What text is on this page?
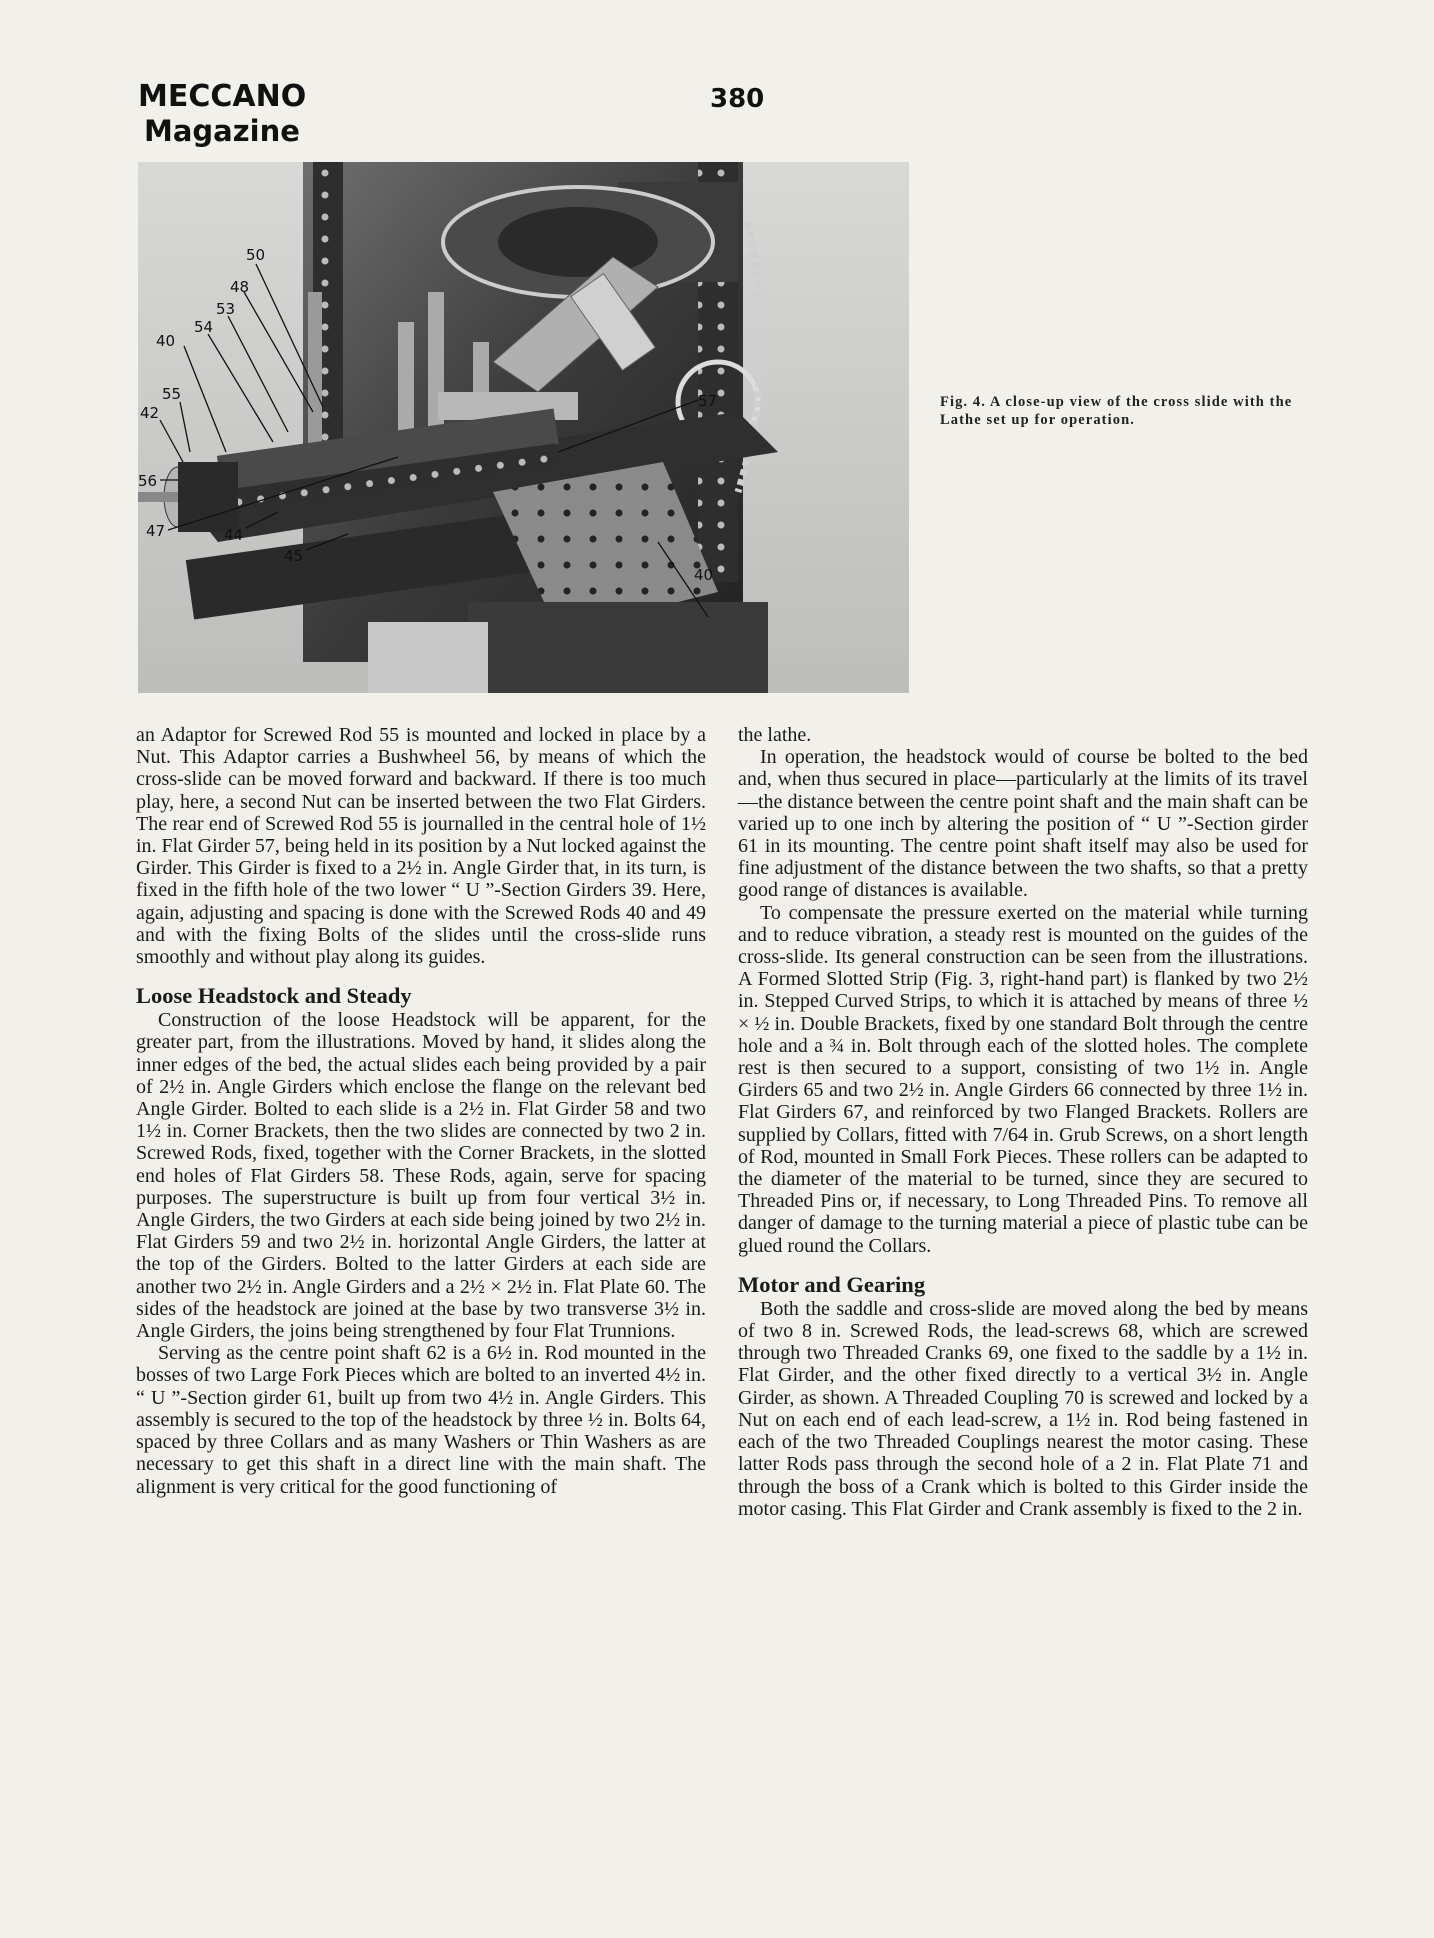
MECCANO
Magazine
380
50
48
53
54
40
55
42
56
47	44
45
57
40
Fig. 4. A close-up view of the cross slide with the Lathe set up for operation.

an Adaptor for Screwed Rod 55 is mounted and locked in place by a Nut. This Adaptor carries a Bushwheel 56, by means of which the cross-slide can be moved forward and backward. If there is too much play, here, a second Nut can be inserted between the two Flat Girders. The rear end of Screwed Rod 55 is journalled in the central hole of 1½ in. Flat Girder 57, being held in its position by a Nut locked against the Girder. This Girder is fixed to a 2½ in. Angle Girder that, in its turn, is fixed in the fifth hole of the two lower “ U ”-Section Girders 39. Here, again, adjusting and spacing is done with the Screwed Rods 40 and 49 and with the fixing Bolts of the slides until the cross-slide runs smoothly and without play along its guides.

Loose Headstock and Steady

Construction of the loose Headstock will be apparent, for the greater part, from the illustrations. Moved by hand, it slides along the inner edges of the bed, the actual slides each being provided by a pair of 2½ in. Angle Girders which enclose the flange on the relevant bed Angle Girder. Bolted to each slide is a 2½ in. Flat Girder 58 and two 1½ in. Corner Brackets, then the two slides are connected by two 2 in. Screwed Rods, fixed, together with the Corner Brackets, in the slotted end holes of Flat Girders 58. These Rods, again, serve for spacing purposes. The superstructure is built up from four vertical 3½ in. Angle Girders, the two Girders at each side being joined by two 2½ in. Flat Girders 59 and two 2½ in. horizontal Angle Girders, the latter at the top of the Girders. Bolted to the latter Girders at each side are another two 2½ in. Angle Girders and a 2½ × 2½ in. Flat Plate 60. The sides of the headstock are joined at the base by two transverse 3½ in. Angle Girders, the joins being strengthened by four Flat Trunnions.

Serving as the centre point shaft 62 is a 6½ in. Rod mounted in the bosses of two Large Fork Pieces which are bolted to an inverted 4½ in. “ U ”-Section girder 61, built up from two 4½ in. Angle Girders. This assembly is secured to the top of the headstock by three ½ in. Bolts 64, spaced by three Collars and as many Washers or Thin Washers as are necessary to get this shaft in a direct line with the main shaft. The alignment is very critical for the good functioning of

the lathe.

In operation, the headstock would of course be bolted to the bed and, when thus secured in place—particularly at the limits of its travel—the distance between the centre point shaft and the main shaft can be varied up to one inch by altering the position of “ U ”-Section girder 61 in its mounting. The centre point shaft itself may also be used for fine adjustment of the distance between the two shafts, so that a pretty good range of distances is available.

To compensate the pressure exerted on the material while turning and to reduce vibration, a steady rest is mounted on the guides of the cross-slide. Its general construction can be seen from the illustrations. A Formed Slotted Strip (Fig. 3, right-hand part) is flanked by two 2½ in. Stepped Curved Strips, to which it is attached by means of three ½ × ½ in. Double Brackets, fixed by one standard Bolt through the centre hole and a ¾ in. Bolt through each of the slotted holes. The complete rest is then secured to a support, consisting of two 1½ in. Angle Girders 65 and two 2½ in. Angle Girders 66 connected by three 1½ in. Flat Girders 67, and reinforced by two Flanged Brackets. Rollers are supplied by Collars, fitted with 7/64 in. Grub Screws, on a short length of Rod, mounted in Small Fork Pieces. These rollers can be adapted to the diameter of the material to be turned, since they are secured to Threaded Pins or, if necessary, to Long Threaded Pins. To remove all danger of damage to the turning material a piece of plastic tube can be glued round the Collars.

Motor and Gearing

Both the saddle and cross-slide are moved along the bed by means of two 8 in. Screwed Rods, the lead-screws 68, which are screwed through two Threaded Cranks 69, one fixed to the saddle by a 1½ in. Flat Girder, and the other fixed directly to a vertical 3½ in. Angle Girder, as shown. A Threaded Coupling 70 is screwed and locked by a Nut on each end of each lead-screw, a 1½ in. Rod being fastened in each of the two Threaded Couplings nearest the motor casing. These latter Rods pass through the second hole of a 2 in. Flat Plate 71 and through the boss of a Crank which is bolted to this Girder inside the motor casing. This Flat Girder and Crank assembly is fixed to the 2 in.
